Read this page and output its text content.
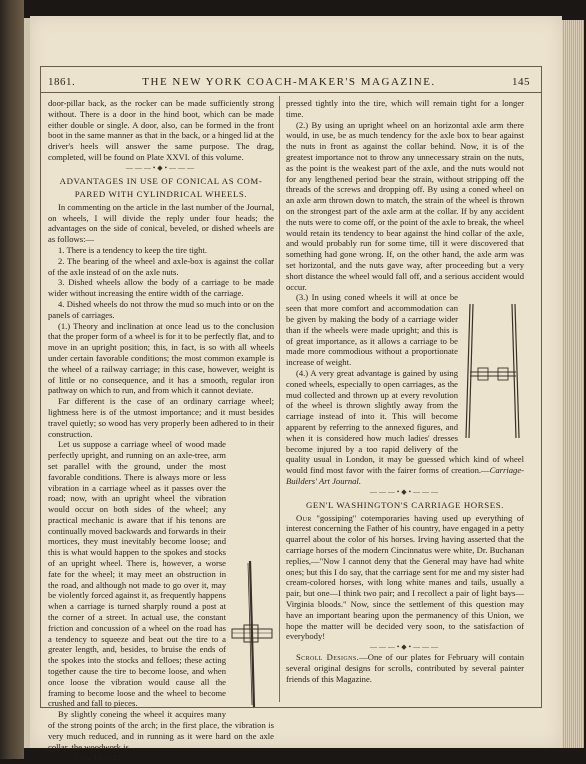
1861.	THE NEW YORK COACH-MAKER'S MAGAZINE.	145

door-pillar back, as the rocker can be made sufficiently strong without. There is a door in the hind boot, which can be made either double or single. A door, also, can be formed in the front boot in the same manner as that in the back, or a hinged lid at the driver's heels will answer the same purpose. The drag, completed, will be found on Plate XXVI. of this volume.

———•◆•———
ADVANTAGES IN USE OF CONICAL AS COM-
PARED WITH CYLINDRICAL WHEELS.

In commenting on the article in the last number of the Journal, on wheels, I will divide the reply under four heads; the advantages on the side of conical, beveled, or dished wheels are as follows:—

1. There is a tendency to keep the tire tight.

2. The bearing of the wheel and axle-box is against the collar of the axle instead of on the axle nuts.

3. Dished wheels allow the body of a carriage to be made wider without increasing the entire width of the carriage.

4. Dished wheels do not throw the mud so much into or on the panels of carriages.

(1.) Theory and inclination at once lead us to the conclusion that the proper form of a wheel is for it to be perfectly flat, and to move in an upright position; this, in fact, is so with all wheels under certain favorable conditions; the most common example is the wheel of a railway carriage; in this case, however, weight is of little or no consequence, and it has a smooth, regular iron pathway on which to run, and from which it cannot deviate.

Far different is the case of an ordinary carriage wheel; lightness here is of the utmost importance; and it must besides travel quietly; so wood has very properly been adhered to in their construction.

Let us suppose a carriage wheel of wood made perfectly upright, and running on an axle-tree, arm set parallel with the ground, under the most favorable conditions. There is always more or less vibration in a carriage wheel as it passes over the road; now, with an upright wheel the vibration would occur on both sides of the wheel; any practical mechanic is aware that if his tenons are continually moved backwards and forwards in their mortices, they must inevitably become loose; and this is what would happen to the spokes and stocks of an upright wheel. There is, however, a worse fate for the wheel; it may meet an obstruction in the road, and although not made to go over it, may be violently forced against it, as frequently happens when a carriage is turned sharply round a post at the corner of a street. In actual use, the constant friction and concussion of a wheel on the road has a tendency to squeeze and beat out the tire to a greater length, and, besides, to bruise the ends of the spokes into the stocks and felloes; these acting together cause the tire to become loose, and when once loose the vibration would cause all the framing to become loose and the wheel to become crushed and fall to pieces.

By slightly coneing the wheel it acquires many of the strong points of the arch; in the first place, the vibration is very much reduced, and in running as it were hard on the axle collar, the woodwork is

VOL. III.—23.

pressed tightly into the tire, which will remain tight for a longer time.

(2.) By using an upright wheel on an horizontal axle arm there would, in use, be as much tendency for the axle box to bear against the nuts in front as against the collar behind. Now, it is of the greatest importance not to throw any unnecessary strain on the nuts, as the point is the weakest part of the axle, and the nuts would not for any lengthened period bear the strain, without stripping off the threads of the screws and dropping off. By using a coned wheel on an axle arm thrown down to match, the strain of the wheel is thrown on the strongest part of the axle arm at the collar. If by any accident the nuts were to come off, or the point of the axle to break, the wheel would retain its tendency to bear against the hind collar of the axle, and would probably run for some time, till it were discovered that something had gone wrong. If, on the other hand, the axle arm was set horizontal, and the nuts gave way, after proceeding but a very short distance the wheel would fall off, and a serious accident would occur.

(3.) In using coned wheels it will at once be seen that more comfort and accommodation can be given by making the body of a carriage wider than if the wheels were made upright; and this is of great importance, as it allows a carriage to be made more commodious without a proportionate increase of weight.

(4.) A very great advantage is gained by using coned wheels, especially to open carriages, as the mud collected and thrown up at every revolution of the wheel is thrown slightly away from the carriage instead of into it. This will become apparent by referring to the annexed figures, and when it is considered how much ladies' dresses become injured by a too rapid delivery of the quality usual in London, it may be guessed which kind of wheel would find most favor with the fairer forms of creation.—Carriage-Builders' Art Journal.

———•◆•———
GEN'L WASHINGTON'S CARRIAGE HORSES.

Our "gossiping" cotemporaries having used up everything of interest concerning the Father of his country, have engaged in a petty quarrel about the color of his horses. Irving having asserted that the carriage horses of the modern Cincinnatus were white, Dr. Buchanan replies,—"Now I cannot deny that the General may have had white ones; but this I do say, that the carriage sent for me and my sister had cream-colored horses, with long white manes and tails, usually a pair, but one—I think two pair; and I recollect a pair of light bays—Virginia bloods." Now, since the settlement of this question may have an important bearing upon the permanency of this Union, we hope the matter will be decided very soon, to the satisfaction of everybody!

———•◆•———

Scroll Designs.—One of our plates for February will contain several original designs for scrolls, contributed by several painter friends of this Magazine.
